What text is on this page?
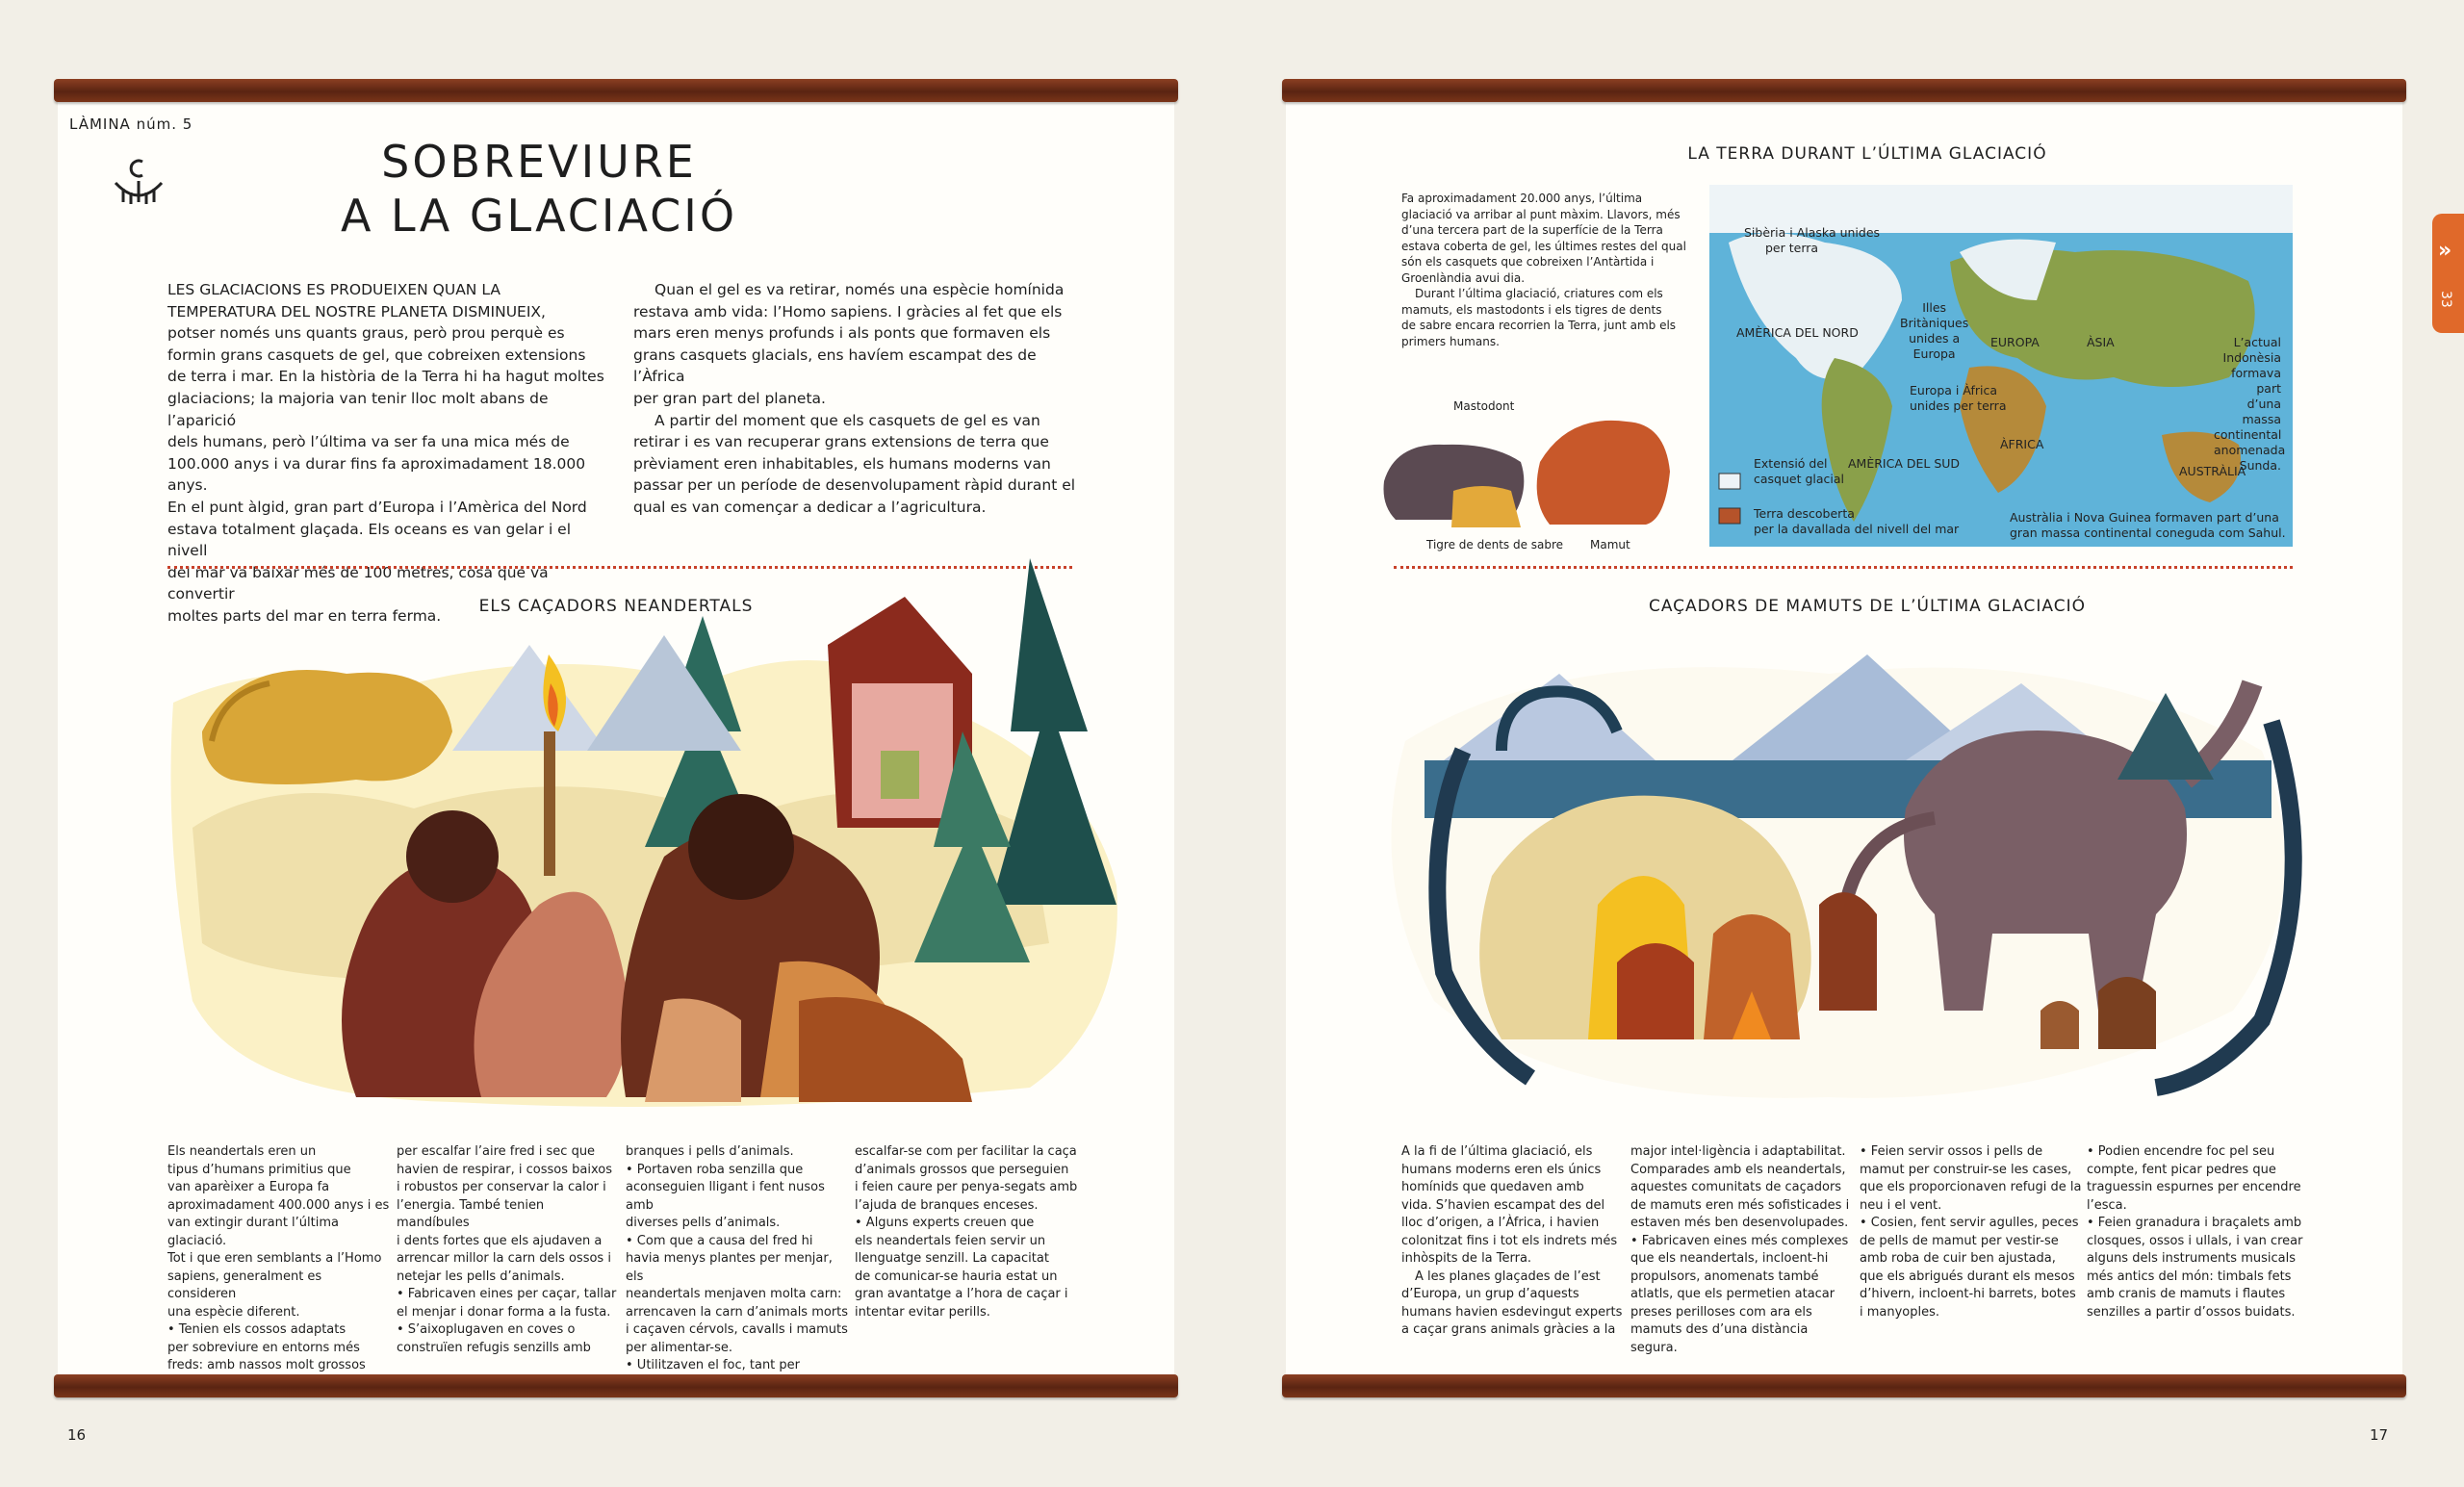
LÀMINA núm. 5
SOBREVIURE
A LA GLACIACIÓ
LES GLACIACIONS ES PRODUEIXEN QUAN LA
TEMPERATURA DEL NOSTRE PLANETA DISMINUEIX,
potser només uns quants graus, però prou perquè es
formin grans casquets de gel, que cobreixen extensions
de terra i mar. En la història de la Terra hi ha hagut moltes
glaciacions; la majoria van tenir lloc molt abans de l’aparició
dels humans, però l’última va ser fa una mica més de
100.000 anys i va durar fins fa aproximadament 18.000 anys.
En el punt àlgid, gran part d’Europa i l’Amèrica del Nord
estava totalment glaçada. Els oceans es van gelar i el nivell
del mar va baixar més de 100 metres, cosa que va convertir
moltes parts del mar en terra ferma.
Quan el gel es va retirar, només una espècie homínida
restava amb vida: l’Homo sapiens. I gràcies al fet que els
mars eren menys profunds i als ponts que formaven els
grans casquets glacials, ens havíem escampat des de l’Àfrica
per gran part del planeta.
A partir del moment que els casquets de gel es van
retirar i es van recuperar grans extensions de terra que
prèviament eren inhabitables, els humans moderns van
passar per un període de desenvolupament ràpid durant el
qual es van començar a dedicar a l’agricultura.
ELS CAÇADORS NEANDERTALS
Els neandertals eren un
tipus d’humans primitius que
van aparèixer a Europa fa
aproximadament 400.000 anys i es
van extingir durant l’última glaciació.
Tot i que eren semblants a l’Homo
sapiens, generalment es consideren
una espècie diferent.
• Tenien els cossos adaptats
per sobreviure en entorns més
freds: amb nassos molt grossos
per escalfar l’aire fred i sec que
havien de respirar, i cossos baixos
i robustos per conservar la calor i
l’energia. També tenien mandíbules
i dents fortes que els ajudaven a
arrencar millor la carn dels ossos i
netejar les pells d’animals.
• Fabricaven eines per caçar, tallar
el menjar i donar forma a la fusta.
• S’aixoplugaven en coves o
construïen refugis senzills amb
branques i pells d’animals.
• Portaven roba senzilla que
aconseguien lligant i fent nusos amb
diverses pells d’animals.
• Com que a causa del fred hi
havia menys plantes per menjar, els
neandertals menjaven molta carn:
arrencaven la carn d’animals morts
i caçaven cérvols, cavalls i mamuts
per alimentar-se.
• Utilitzaven el foc, tant per
escalfar-se com per facilitar la caça
d’animals grossos que perseguien
i feien caure per penya-segats amb
l’ajuda de branques enceses.
• Alguns experts creuen que
els neandertals feien servir un
llenguatge senzill. La capacitat
de comunicar-se hauria estat un
gran avantatge a l’hora de caçar i
intentar evitar perills.
16
LA TERRA DURANT L’ÚLTIMA GLACIACIÓ
Fa aproximadament 20.000 anys, l’última
glaciació va arribar al punt màxim. Llavors, més
d’una tercera part de la superfície de la Terra
estava coberta de gel, les últimes restes del qual
són els casquets que cobreixen l’Antàrtida i
Groenlàndia avui dia.
Durant l’última glaciació, criatures com els
mamuts, els mastodonts i els tigres de dents
de sabre encara recorrien la Terra, junt amb els
primers humans.
Mastodont
Tigre de dents de sabre Mamut
Sibèria i Alaska unides
per terra
AMÈRICA DEL NORD
Illes
Britàniques
unides a
Europa
EUROPA	ÀSIA	L’actual
Indonèsia
formava part
d’una massa
continental
anomenada
Sunda.
Europa i Àfrica
unides per terra
ÀFRICA
AMÈRICA DEL SUD
AUSTRÀLIA
Extensió del
casquet glacial
Terra descoberta
per la davallada del nivell del mar
Austràlia i Nova Guinea formaven part d’una
gran massa continental coneguda com Sahul.
CAÇADORS DE MAMUTS DE L’ÚLTIMA GLACIACIÓ
A la fi de l’última glaciació, els
humans moderns eren els únics
homínids que quedaven amb
vida. S’havien escampat des del
lloc d’origen, a l’Àfrica, i havien
colonitzat fins i tot els indrets més
inhòspits de la Terra.
A les planes glaçades de l’est
d’Europa, un grup d’aquests
humans havien esdevingut experts
a caçar grans animals gràcies a la
major intel·ligència i adaptabilitat.
Comparades amb els neandertals,
aquestes comunitats de caçadors
de mamuts eren més sofisticades i
estaven més ben desenvolupades.
• Fabricaven eines més complexes
que els neandertals, incloent-hi
propulsors, anomenats també
atlatls, que els permetien atacar
preses perilloses com ara els
mamuts des d’una distància segura.
• Feien servir ossos i pells de
mamut per construir-se les cases,
que els proporcionaven refugi de la
neu i el vent.
• Cosien, fent servir agulles, peces
de pells de mamut per vestir-se
amb roba de cuir ben ajustada,
que els abrigués durant els mesos
d’hivern, incloent-hi barrets, botes
i manyoples.
• Podien encendre foc pel seu
compte, fent picar pedres que
traguessin espurnes per encendre
l’esca.
• Feien granadura i braçalets amb
closques, ossos i ullals, i van crear
alguns dels instruments musicals
més antics del món: timbals fets
amb cranis de mamuts i flautes
senzilles a partir d’ossos buidats.
17
»
33
